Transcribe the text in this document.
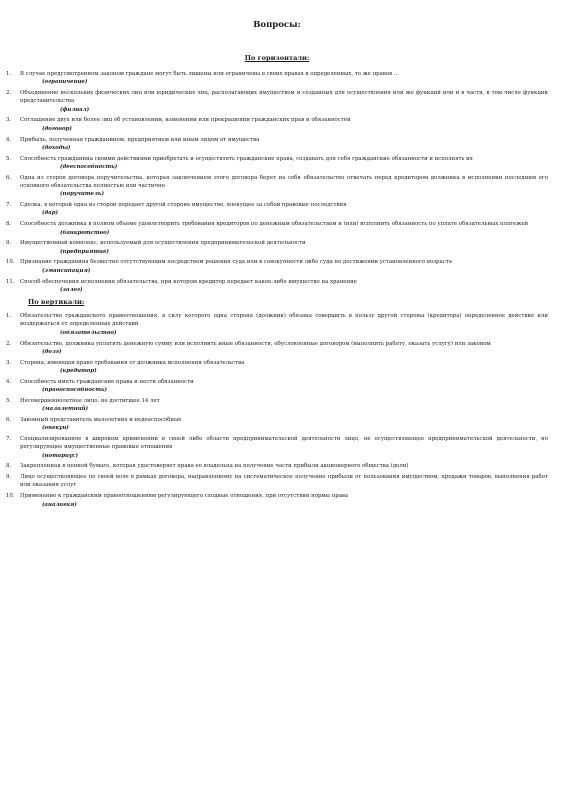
Вопросы:
По горизонтали:
1.	В случае предусмотренном законом граждане могут быть лишены или ограничены в своих правах в определенных, то же правов ...
(ограничение)
2.	Объединение нескольких физических лиц или юридических лиц, располагающих имуществом и созданных для осуществления или же функций или и в части, в том числе функции представительства
(филиал)
3.	Соглашение двух или более лиц об установлении, изменении или прекращении гражданских прав и обязанностей
(договор)
4.	Прибыль, полученная гражданином, предприятием или иным лицом от имущества
(доходы)
5.	Способность гражданина своими действиями приобретать и осуществлять гражданские права, создавать для себя гражданские обязанности и исполнять их
(дееспособность)
6.	Одна из сторон договора поручительства, которая заключением этого договора берет на себя обязательство отвечать перед кредитором должника в исполнении последним его основного обязательства полностью или частично
(поручитель)
7.	Сделка, в которой одна из сторон передает другой стороне имущество, влекущее за собой правовые последствия
(дар)
8.	Способность должника в полном объеме удовлетворить требования кредиторов по денежным обязательствам и (или) исполнить обязанность по уплате обязательных платежей
(банкротство)
9.	Имущественный комплекс, используемый для осуществления предпринимательской деятельности
(предприятие)
10.	Признание гражданина безвестно отсутствующим посредством решения суда или в совокупности либо суда по достижении установленного возраста
(эмансипация)
11.	Способ обеспечения исполнения обязательства, при котором кредитор передает какое-либо имущество на хранение
(залог)
По вертикали:
1.	Обязательство гражданского правоотношения, в силу которого одна сторона (должник) обязана совершить в пользу другой стороны (кредитора) определенное действие или воздержаться от определенных действий
(обязательство)
2.	Обязательство, должника уплатить денежную сумму или исполнить иные обязанности, обусловленные договором (выполнить работу, оказать услугу) или законом
(долг)
3.	Сторона, имеющая право требования от должника исполнения обязательства
(кредитор)
4.	Способность иметь гражданские права и нести обязанности
(правоспособность)
5.	Несовершеннолетнее лицо, не достигшее 14 лет
(малолетний)
6.	Законный представитель малолетних и недееспособных
(опекун)
7.	Специализированное в широком применении в своей либо области предпринимательской деятельности лицо, не осуществляющее предпринимательской деятельности, но регулирующее имущественные правовые отношения
(нотариус)
8.	Закрепленная в ценной бумаге, которая удостоверяет права ее владельца на получение части прибыли акционерного общества (доли)
9.	Лицо осуществляющее по своей воле в рамках договора, направленному на систематическое получение прибыли от пользования имуществом, продажи товаров, выполнения работ или оказания услуг
10.	Применение к гражданским правоотношениям регулирующего сходные отношения, при отсутствии нормы права
(аналогия)
